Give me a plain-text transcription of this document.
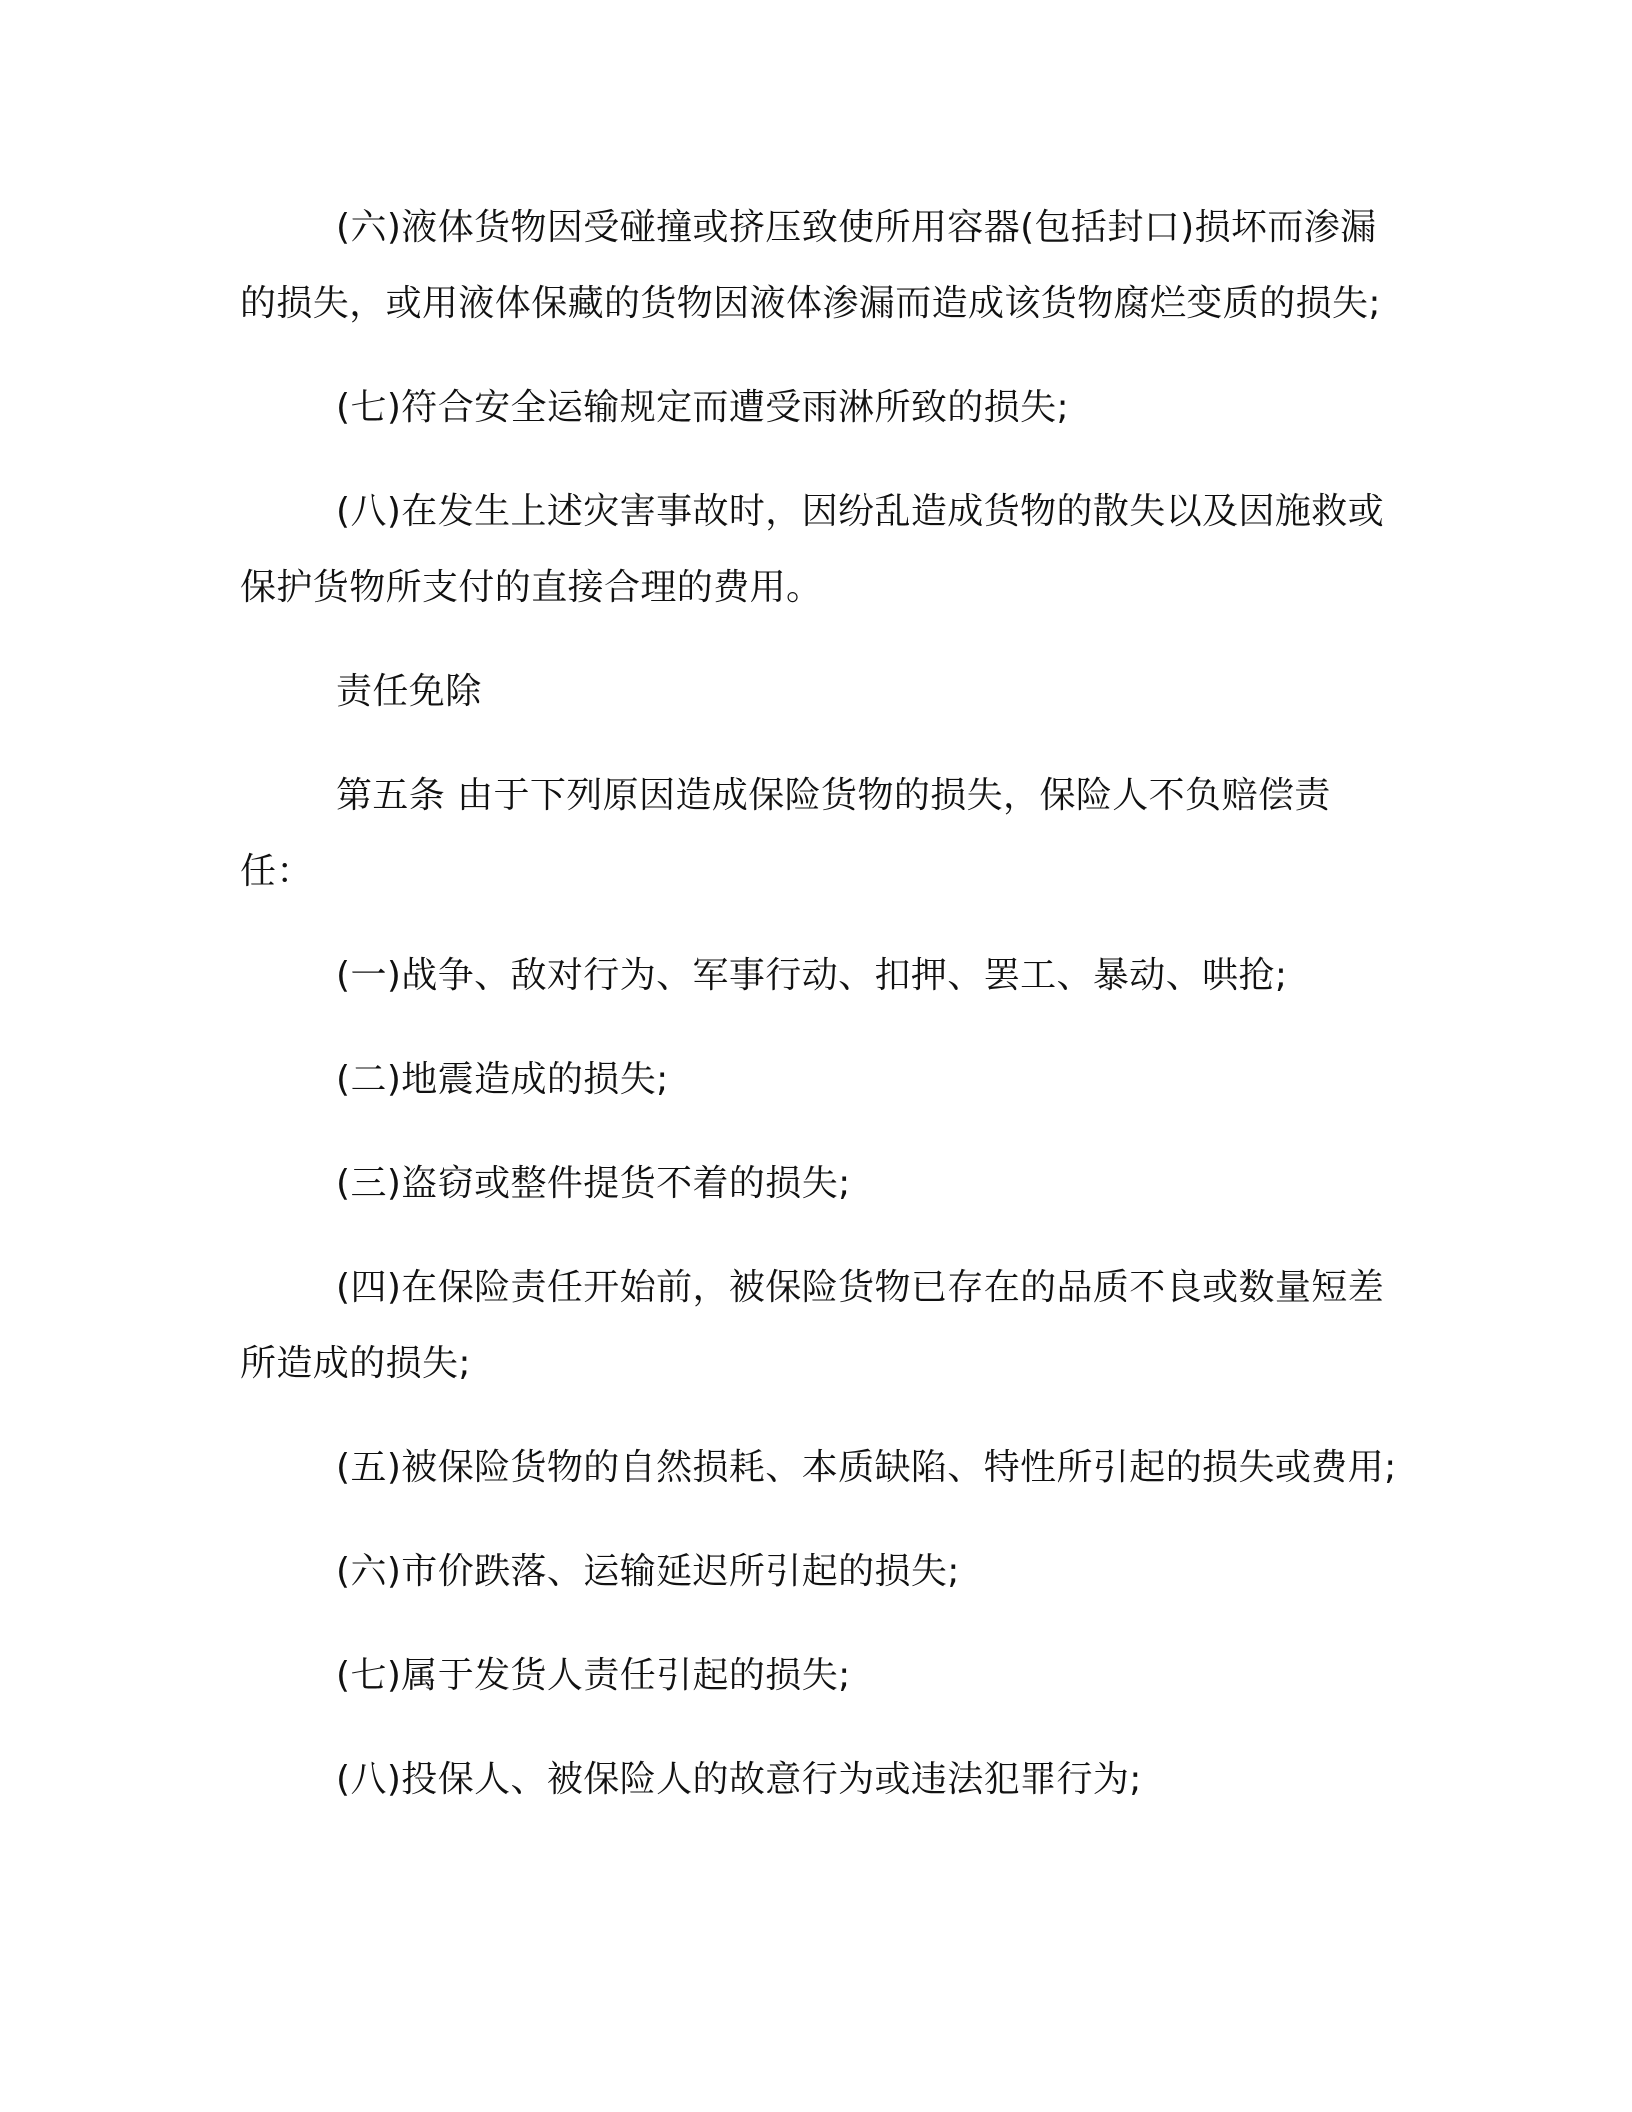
(六)液体货物因受碰撞或挤压致使所用容器(包括封口)损坏而渗漏的损失，或用液体保藏的货物因液体渗漏而造成该货物腐烂变质的损失;

(七)符合安全运输规定而遭受雨淋所致的损失;

(八)在发生上述灾害事故时，因纷乱造成货物的散失以及因施救或保护货物所支付的直接合理的费用。

责任免除

第五条 由于下列原因造成保险货物的损失，保险人不负赔偿责任：

(一)战争、敌对行为、军事行动、扣押、罢工、暴动、哄抢;

(二)地震造成的损失;

(三)盗窃或整件提货不着的损失;

(四)在保险责任开始前，被保险货物已存在的品质不良或数量短差所造成的损失;

(五)被保险货物的自然损耗、本质缺陷、特性所引起的损失或费用;

(六)市价跌落、运输延迟所引起的损失;

(七)属于发货人责任引起的损失;

(八)投保人、被保险人的故意行为或违法犯罪行为;
